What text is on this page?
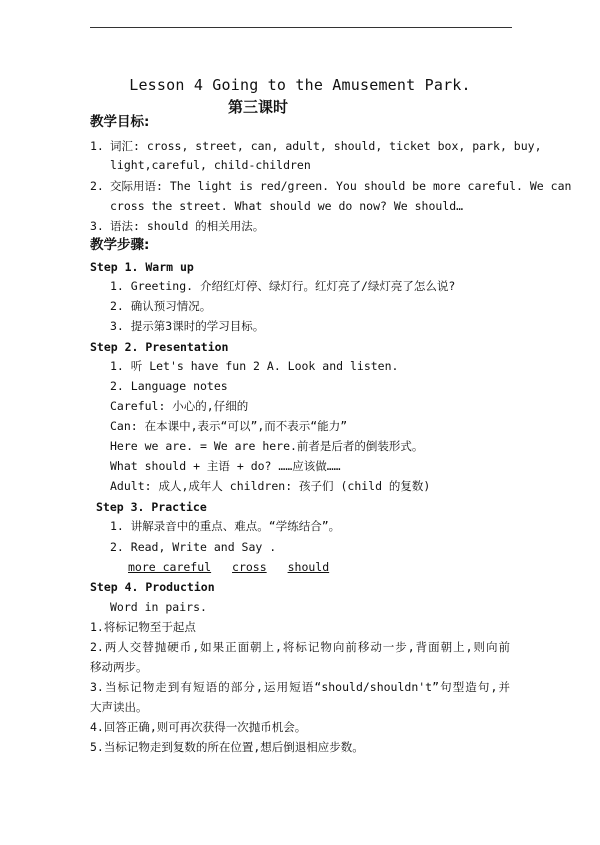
Lesson 4 Going to the Amusement Park.
第三课时
教学目标:
1. 词汇: cross, street, can, adult, should, ticket box, park, buy,
light,careful, child-children
2. 交际用语: The light is red/green. You should be more careful. We can
cross the street. What should we do now? We should…
3. 语法: should 的相关用法。
教学步骤:
Step 1. Warm up
1. Greeting. 介绍红灯停、绿灯行。红灯亮了/绿灯亮了怎么说?
2. 确认预习情况。
3. 提示第3课时的学习目标。
Step 2. Presentation
1. 听 Let's have fun 2 A. Look and listen.
2. Language notes
Careful: 小心的,仔细的
Can: 在本课中,表示“可以”,而不表示“能力”
Here we are. = We are here.前者是后者的倒装形式。
What should + 主语 + do? ……应该做……
Adult: 成人,成年人 children: 孩子们 (child 的复数)
Step 3. Practice
1. 讲解录音中的重点、难点。“学练结合”。
2. Read, Write and Say .
more careful cross should
Step 4. Production
Word in pairs.
1.将标记物至于起点
2.两人交替抛硬币,如果正面朝上,将标记物向前移动一步,背面朝上,则向前
移动两步。
3.当标记物走到有短语的部分,运用短语“should/shouldn't”句型造句,并
大声读出。
4.回答正确,则可再次获得一次抛币机会。
5.当标记物走到复数的所在位置,想后倒退相应步数。
